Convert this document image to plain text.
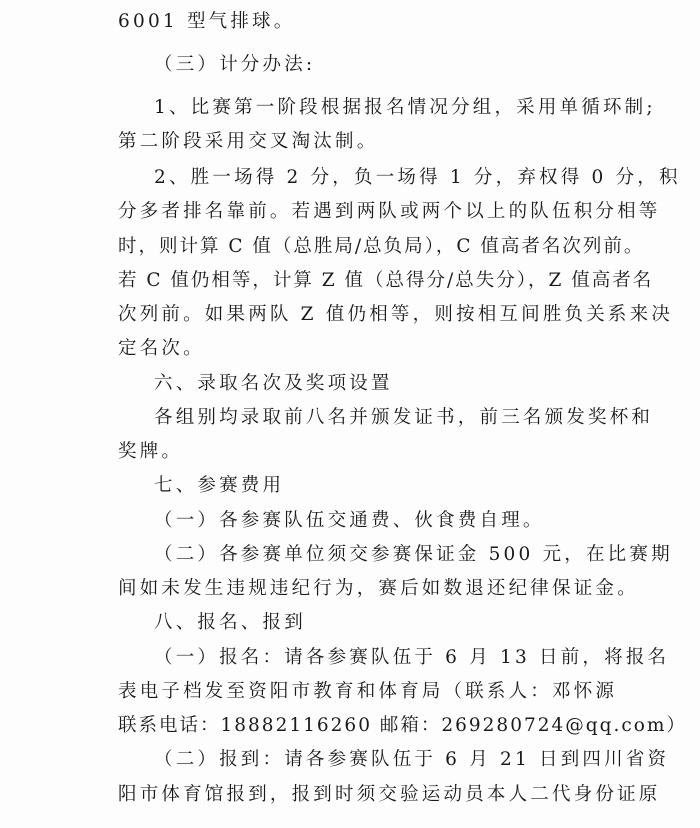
6001 型气排球。
（三）计分办法:
1、比赛第一阶段根据报名情况分组，采用单循环制;
第二阶段采用交叉淘汰制。
2、胜一场得 2 分，负一场得 1 分，弃权得 0 分，积
分多者排名靠前。若遇到两队或两个以上的队伍积分相等
时，则计算 C 值（总胜局/总负局），C 值高者名次列前。
若 C 值仍相等，计算 Z 值（总得分/总失分），Z 值高者名
次列前。如果两队 Z 值仍相等，则按相互间胜负关系来决
定名次。
六、录取名次及奖项设置
各组别均录取前八名并颁发证书，前三名颁发奖杯和
奖牌。
七、参赛费用
（一）各参赛队伍交通费、伙食费自理。
（二）各参赛单位须交参赛保证金 500 元，在比赛期
间如未发生违规违纪行为，赛后如数退还纪律保证金。
八、报名、报到
（一）报名：请各参赛队伍于 6 月 13 日前，将报名
表电子档发至资阳市教育和体育局（联系人：邓怀源
联系电话：18882116260 邮箱：269280724@qq.com）
（二）报到：请各参赛队伍于 6 月 21 日到四川省资
阳市体育馆报到，报到时须交验运动员本人二代身份证原
